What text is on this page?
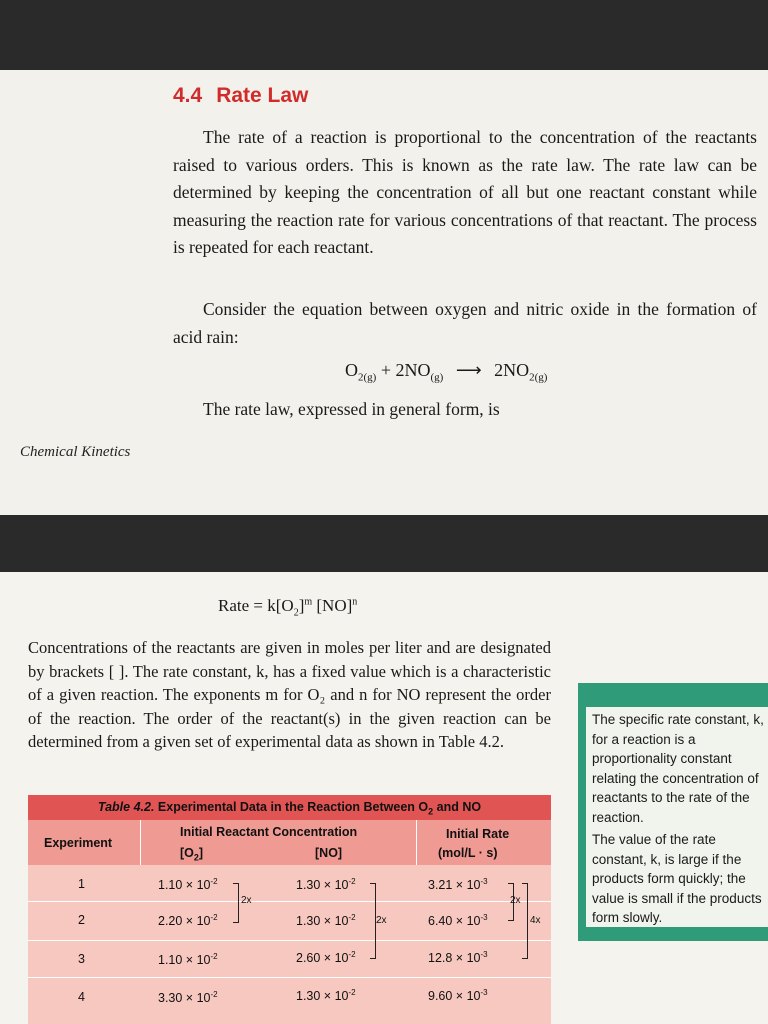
4.4 Rate Law
The rate of a reaction is proportional to the concentration of the reactants raised to various orders. This is known as the rate law. The rate law can be determined by keeping the concentration of all but one reactant constant while measuring the reaction rate for various concentrations of that reactant. The process is repeated for each reactant.
Consider the equation between oxygen and nitric oxide in the formation of acid rain:
$O_{2(g)} + 2NO_{(g)}$ ⟶ $2NO_{2(g)}$
The rate law, expressed in general form, is
Chemical Kinetics
Rate = $k[O_2]^m$ [NO]$^n$
Concentrations of the reactants are given in moles per liter and are designated by brackets [ ]. The rate constant, k, has a fixed value which is a characteristic of a given reaction. The exponents m for O₂ and n for NO represent the order of the reaction. The order of the reactant(s) in the given reaction can be determined from a given set of experimental data as shown in Table 4.2.

The specific rate constant, k, for a reaction is a proportionality constant relating the concentration of reactants to the rate of the reaction.

The value of the rate constant, k, is large if the products form quickly; the value is small if the products form slowly.

Table 4.2. Experimental Data in the Reaction Between $O_2$ and NO
Experiment
Initial Reactant Concentration
$[O_2]$	[NO]
Initial Rate
(mol/L · s)
1	$1.10 \times 10^{-2}$	$1.30 \times 10^{-2}$	$3.21 \times 10^{-3}$
2	$2.20 \times 10^{-2}$	$1.30 \times 10^{-2}$	$6.40 \times 10^{-3}$
3	$1.10 \times 10^{-2}$	$2.60 \times 10^{-2}$	$12.8 \times 10^{-3}$
4	$3.30 \times 10^{-2}$	$1.30 \times 10^{-2}$	$9.60 \times 10^{-3}$
2x
2x
2x
4x
